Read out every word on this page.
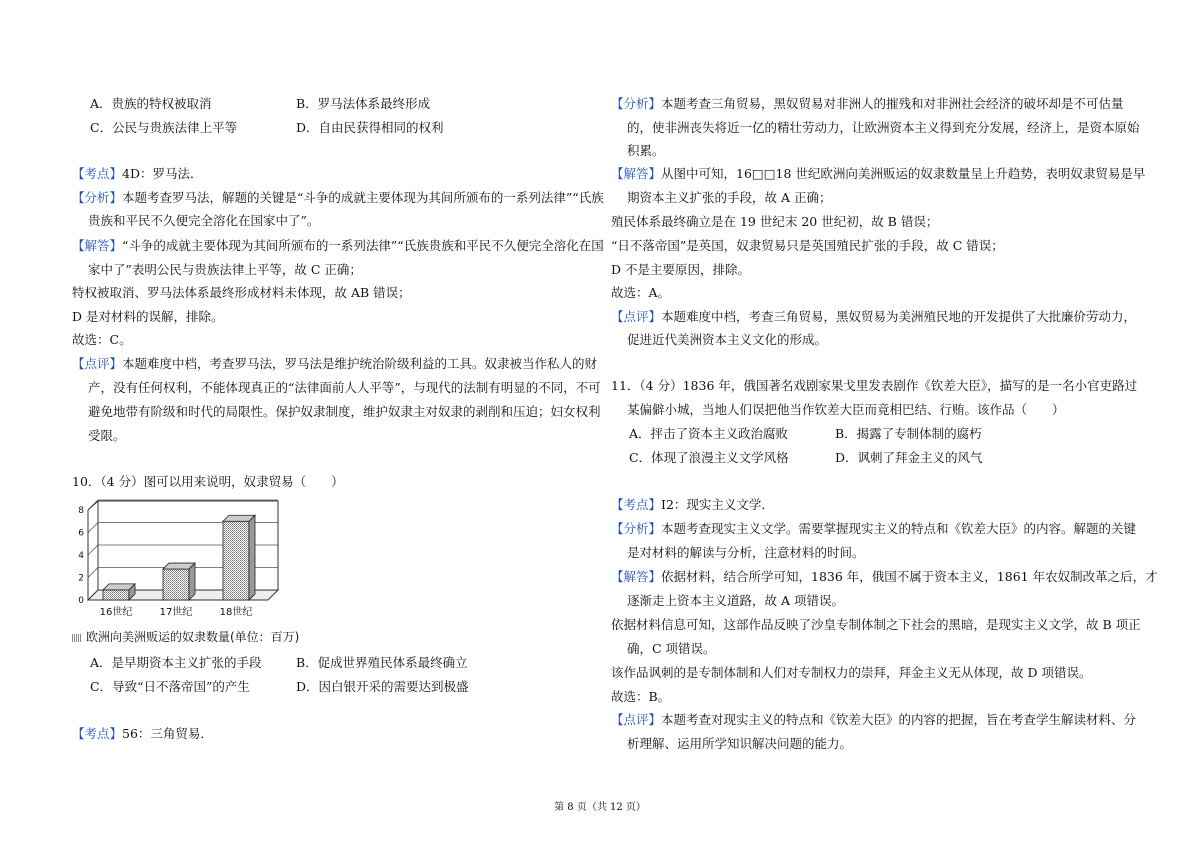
A．贵族的特权被取消	B．罗马法体系最终形成
C．公民与贵族法律上平等	D．自由民获得相同的权利
【考点】4D：罗马法．
【分析】本题考查罗马法，解题的关键是“斗争的成就主要体现为其间所颁布的一系列法律”“氏族
贵族和平民不久便完全溶化在国家中了”。
【解答】“斗争的成就主要体现为其间所颁布的一系列法律”“氏族贵族和平民不久便完全溶化在国
家中了”表明公民与贵族法律上平等，故 C 正确；
特权被取消、罗马法体系最终形成材料未体现，故 AB 错误；
D 是对材料的误解，排除。
故选：C。
【点评】本题难度中档，考查罗马法，罗马法是维护统治阶级利益的工具。奴隶被当作私人的财
产，没有任何权利，不能体现真正的“法律面前人人平等”，与现代的法制有明显的不同，不可
避免地带有阶级和时代的局限性。保护奴隶制度，维护奴隶主对奴隶的剥削和压迫；妇女权利
受限。
10．（4 分）图可以用来说明，奴隶贸易（　　）
0
2
4
6
8
16世纪	17世纪	18世纪
欧洲向美洲贩运的奴隶数量(单位：百万)
A．是早期资本主义扩张的手段	B．促成世界殖民体系最终确立
C．导致“日不落帝国”的产生	D．因白银开采的需要达到极盛
【考点】56：三角贸易．
【分析】本题考查三角贸易，黑奴贸易对非洲人的摧残和对非洲社会经济的破坏却是不可估量
的，使非洲丧失将近一亿的精壮劳动力，让欧洲资本主义得到充分发展，经济上，是资本原始
积累。
【解答】从图中可知，16□□18 世纪欧洲向美洲贩运的奴隶数量呈上升趋势，表明奴隶贸易是早
期资本主义扩张的手段，故 A 正确；
殖民体系最终确立是在 19 世纪末 20 世纪初，故 B 错误；
“日不落帝国”是英国，奴隶贸易只是英国殖民扩张的手段，故 C 错误；
D 不是主要原因，排除。
故选：A。
【点评】本题难度中档，考查三角贸易，黑奴贸易为美洲殖民地的开发提供了大批廉价劳动力，
促进近代美洲资本主义文化的形成。
11．（4 分）1836 年，俄国著名戏剧家果戈里发表剧作《钦差大臣》，描写的是一名小官吏路过
某偏僻小城，当地人们误把他当作钦差大臣而竟相巴结、行贿。该作品（　　）
A．抨击了资本主义政治腐败	B．揭露了专制体制的腐朽
C．体现了浪漫主义文学风格	D．讽刺了拜金主义的风气
【考点】I2：现实主义文学．
【分析】本题考查现实主义文学。需要掌握现实主义的特点和《钦差大臣》的内容。解题的关键
是对材料的解读与分析，注意材料的时间。
【解答】依据材料，结合所学可知，1836 年，俄国不属于资本主义，1861 年农奴制改革之后，才
逐渐走上资本主义道路，故 A 项错误。
依据材料信息可知，这部作品反映了沙皇专制体制之下社会的黑暗，是现实主义文学，故 B 项正
确，C 项错误。
该作品讽刺的是专制体制和人们对专制权力的崇拜，拜金主义无从体现，故 D 项错误。
故选：B。
【点评】本题考查对现实主义的特点和《钦差大臣》的内容的把握，旨在考查学生解读材料、分
析理解、运用所学知识解决问题的能力。
第 8 页（共 12 页）
